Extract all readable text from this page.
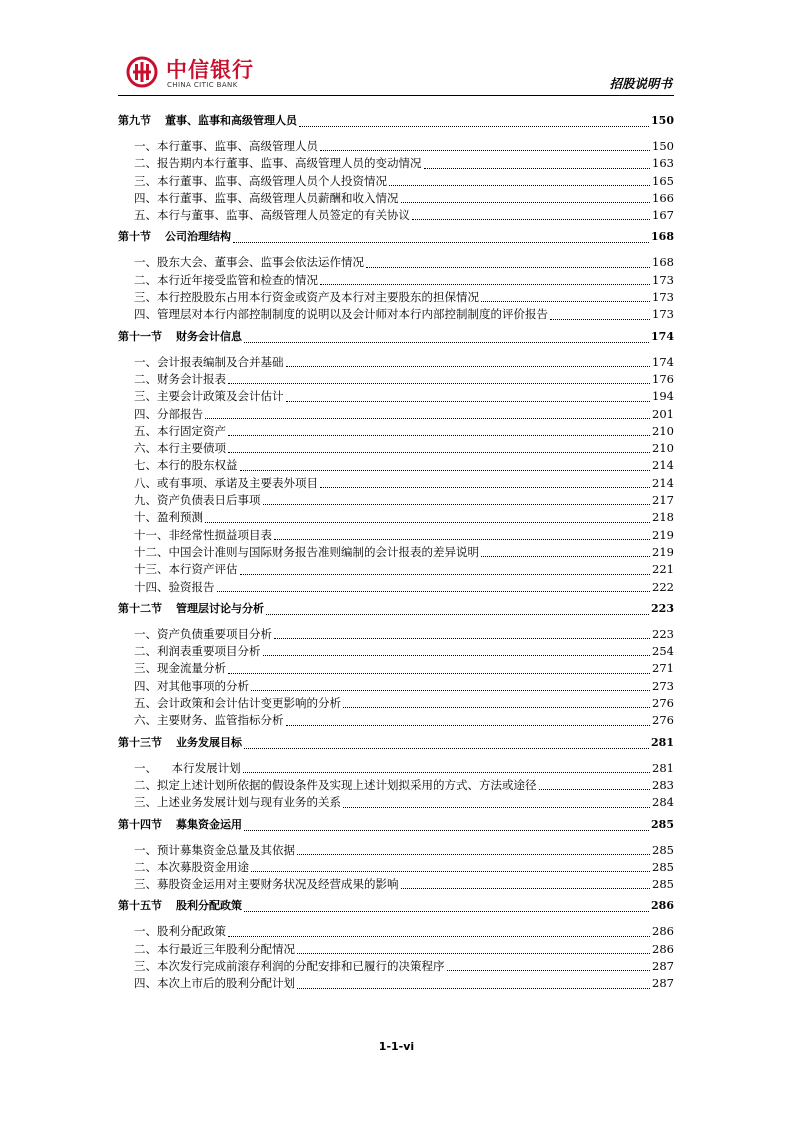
中信银行
CHINA CITIC BANK	招股说明书
第九节 董事、监事和高级管理人员	150
一、本行董事、监事、高级管理人员	150
二、报告期内本行董事、监事、高级管理人员的变动情况	163
三、本行董事、监事、高级管理人员个人投资情况	165
四、本行董事、监事、高级管理人员薪酬和收入情况	166
五、本行与董事、监事、高级管理人员签定的有关协议	167
第十节 公司治理结构	168
一、股东大会、董事会、监事会依法运作情况	168
二、本行近年接受监管和检查的情况	173
三、本行控股股东占用本行资金或资产及本行对主要股东的担保情况	173
四、管理层对本行内部控制制度的说明以及会计师对本行内部控制制度的评价报告	173
第十一节 财务会计信息	174
一、会计报表编制及合并基础	174
二、财务会计报表	176
三、主要会计政策及会计估计	194
四、分部报告	201
五、本行固定资产	210
六、本行主要债项	210
七、本行的股东权益	214
八、或有事项、承诺及主要表外项目	214
九、资产负债表日后事项	217
十、盈利预测	218
十一、非经常性损益项目表	219
十二、中国会计准则与国际财务报告准则编制的会计报表的差异说明	219
十三、本行资产评估	221
十四、验资报告	222
第十二节 管理层讨论与分析	223
一、资产负债重要项目分析	223
二、利润表重要项目分析	254
三、现金流量分析	271
四、对其他事项的分析	273
五、会计政策和会计估计变更影响的分析	276
六、主要财务、监管指标分析	276
第十三节 业务发展目标	281
一、    本行发展计划	281
二、拟定上述计划所依据的假设条件及实现上述计划拟采用的方式、方法或途径	283
三、上述业务发展计划与现有业务的关系	284
第十四节 募集资金运用	285
一、预计募集资金总量及其依据	285
二、本次募股资金用途	285
三、募股资金运用对主要财务状况及经营成果的影响	285
第十五节 股利分配政策	286
一、股利分配政策	286
二、本行最近三年股利分配情况	286
三、本次发行完成前滚存利润的分配安排和已履行的决策程序	287
四、本次上市后的股利分配计划	287
1-1-vi
